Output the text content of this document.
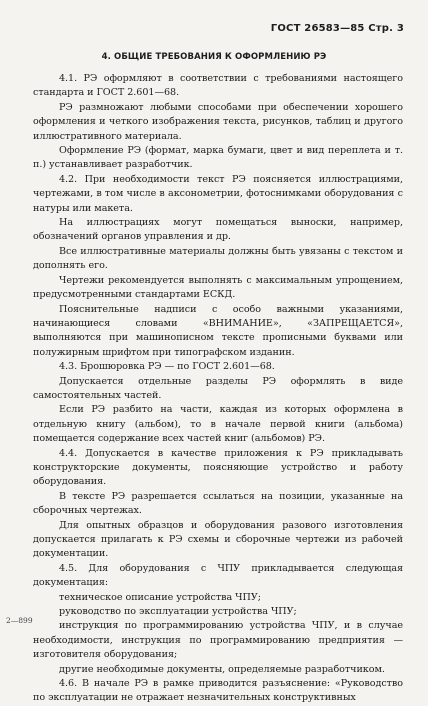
ГОСТ 26583—85 Стр. 3
4. ОБЩИЕ ТРЕБОВАНИЯ К ОФОРМЛЕНИЮ РЭ

4.1. РЭ оформляют в соответствии с требованиями настоящего стандарта и ГОСТ 2.601—68.

РЭ размножают любыми способами при обеспечении хорошего оформления и четкого изображения текста, рисунков, таблиц и другого иллюстративного материала.

Оформление РЭ (формат, марка бумаги, цвет и вид переплета и т. п.) устанавливает разработчик.

4.2. При необходимости текст РЭ поясняется иллюстрациями, чертежами, в том числе в аксонометрии, фотоснимками оборудования с натуры или макета.

На иллюстрациях могут помещаться выноски, например, обозначений органов управления и др.

Все иллюстративные материалы должны быть увязаны с текстом и дополнять его.

Чертежи рекомендуется выполнять с максимальным упрощением, предусмотренными стандартами ЕСКД.

Пояснительные надписи с особо важными указаниями, начинающиеся словами «ВНИМАНИЕ», «ЗАПРЕЩАЕТСЯ», выполняются при машинописном тексте прописными буквами или полужирным шрифтом при типографском изданин.

4.3. Брошюровка РЭ — по ГОСТ 2.601—68.

Допускается отдельные разделы РЭ оформлять в виде самостоятельных частей.

Если РЭ разбито на части, каждая из которых оформлена в отдельную книгу (альбом), то в начале первой книги (альбома) помещается содержание всех частей книг (альбомов) РЭ.

4.4. Допускается в качестве приложения к РЭ прикладывать конструкторские документы, поясняющие устройство и работу оборудования.

В тексте РЭ разрешается ссылаться на позиции, указанные на сборочных чертежах.

Для опытных образцов и оборудования разового изготовления допускается прилагать к РЭ схемы и сборочные чертежи из рабочей документации.

4.5. Для оборудования с ЧПУ прикладывается следующая документация:

техническое описание устройства ЧПУ;

руководство по эксплуатации устройства ЧПУ;

инструкция по программированию устройства ЧПУ, и в случае необходимости, инструкция по программированию предприятия — изготовителя оборудования;

другие необходимые документы, определяемые разработчиком.

4.6. В начале РЭ в рамке приводится разъяснение: «Руководство по эксплуатации не отражает незначительных конструктивных

2—899
